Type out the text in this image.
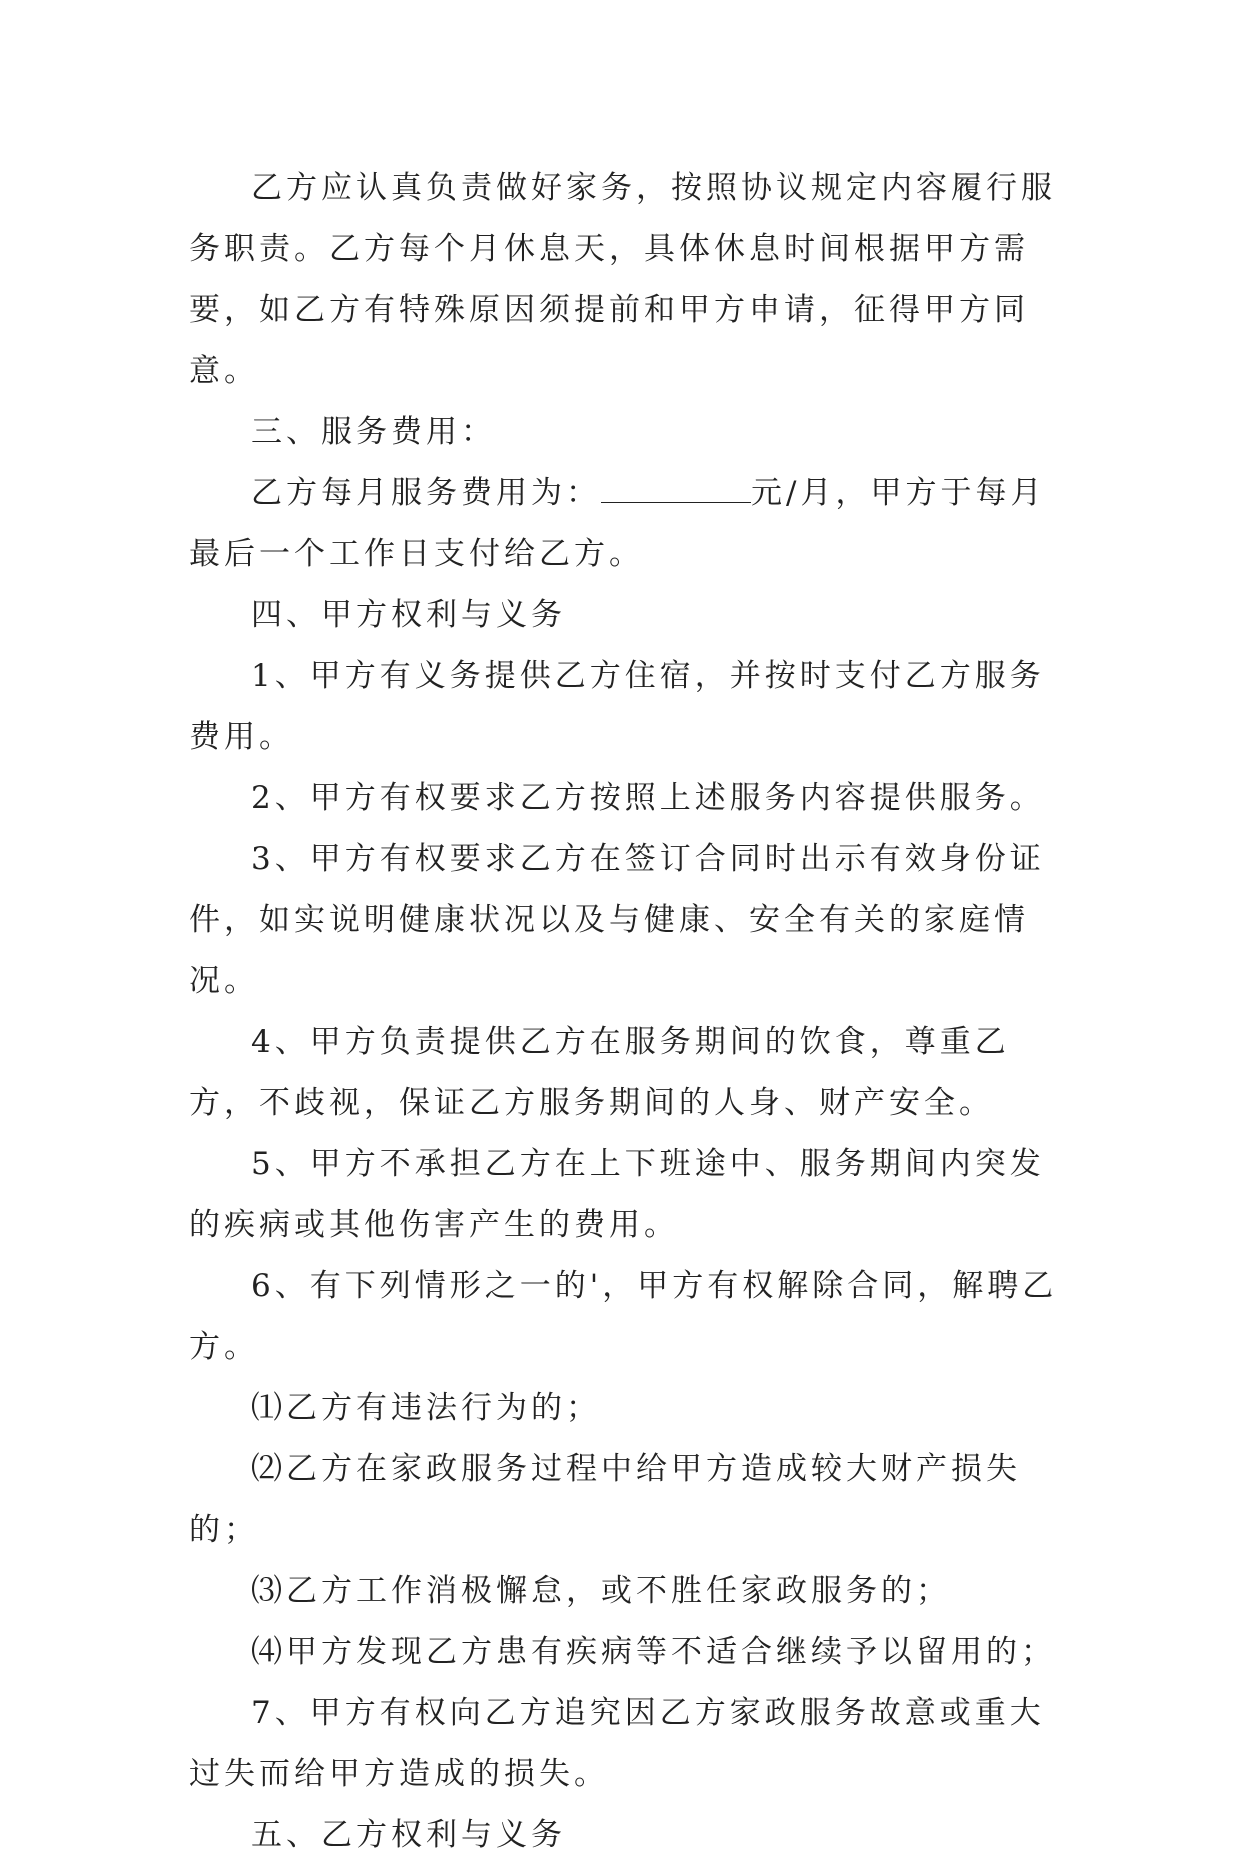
乙方应认真负责做好家务，按照协议规定内容履行服务职责。乙方每个月休息天，具体休息时间根据甲方需要，如乙方有特殊原因须提前和甲方申请，征得甲方同意。

三、服务费用：

乙方每月服务费用为：	元/月，甲方于每月最后一个工作日支付给乙方。

四、甲方权利与义务

1、甲方有义务提供乙方住宿，并按时支付乙方服务费用。

2、甲方有权要求乙方按照上述服务内容提供服务。

3、甲方有权要求乙方在签订合同时出示有效身份证件，如实说明健康状况以及与健康、安全有关的家庭情况。

4、甲方负责提供乙方在服务期间的饮食，尊重乙方，不歧视，保证乙方服务期间的人身、财产安全。

5、甲方不承担乙方在上下班途中、服务期间内突发的疾病或其他伤害产生的费用。

6、有下列情形之一的'，甲方有权解除合同，解聘乙方。

⑴乙方有违法行为的；

⑵乙方在家政服务过程中给甲方造成较大财产损失的；

⑶乙方工作消极懈怠，或不胜任家政服务的；

⑷甲方发现乙方患有疾病等不适合继续予以留用的；

7、甲方有权向乙方追究因乙方家政服务故意或重大过失而给甲方造成的损失。

五、乙方权利与义务
